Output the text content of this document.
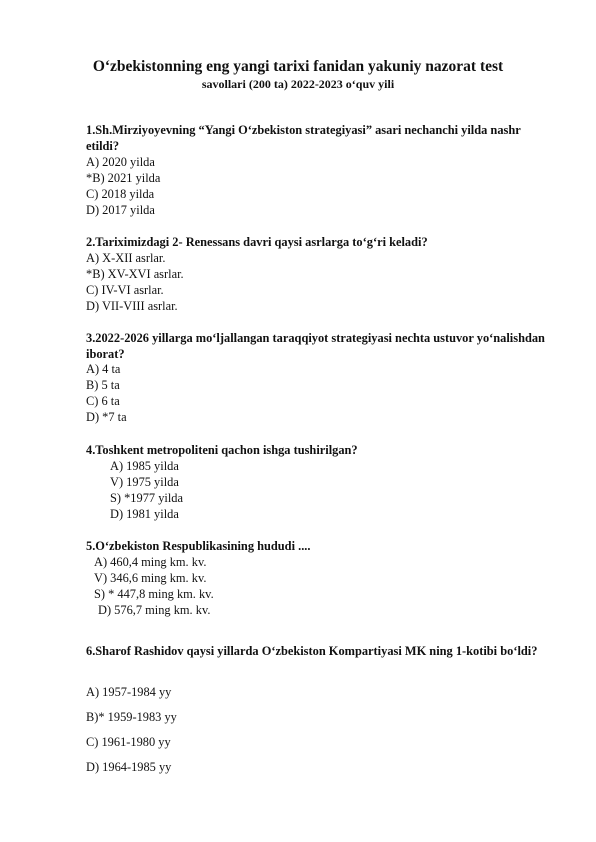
O‘zbekistonning eng yangi tarixi fanidan yakuniy nazorat test
savollari (200 ta) 2022-2023 o‘quv yili
1.Sh.Mirziyoyevning “Yangi O‘zbekiston strategiyasi” asari nechanchi yilda nashr etildi?
A) 2020 yilda
*B) 2021 yilda
C) 2018 yilda
D) 2017 yilda
2.Tariximizdagi 2- Renessans davri qaysi asrlarga to‘g‘ri keladi?
A) X-XII asrlar.
*B) XV-XVI asrlar.
C) IV-VI asrlar.
D) VII-VIII asrlar.
3.2022-2026 yillarga mo‘ljallangan taraqqiyot strategiyasi nechta ustuvor yo‘nalishdan iborat?
A) 4 ta
B) 5 ta
C) 6 ta
D) *7 ta
4.Toshkent metropoliteni qachon ishga tushirilgan?
A) 1985 yilda
V) 1975 yilda
S) *1977 yilda
D) 1981 yilda
5.O‘zbekiston Respublikasining hududi ....
A) 460,4 ming km. kv.
V) 346,6 ming km. kv.
S) * 447,8 ming km. kv.
D) 576,7 ming km. kv.
6.Sharof Rashidov qaysi yillarda O‘zbekiston Kompartiyasi MK ning 1-kotibi bo‘ldi?
A) 1957-1984 yy
B)* 1959-1983 yy
C) 1961-1980 yy
D) 1964-1985 yy
